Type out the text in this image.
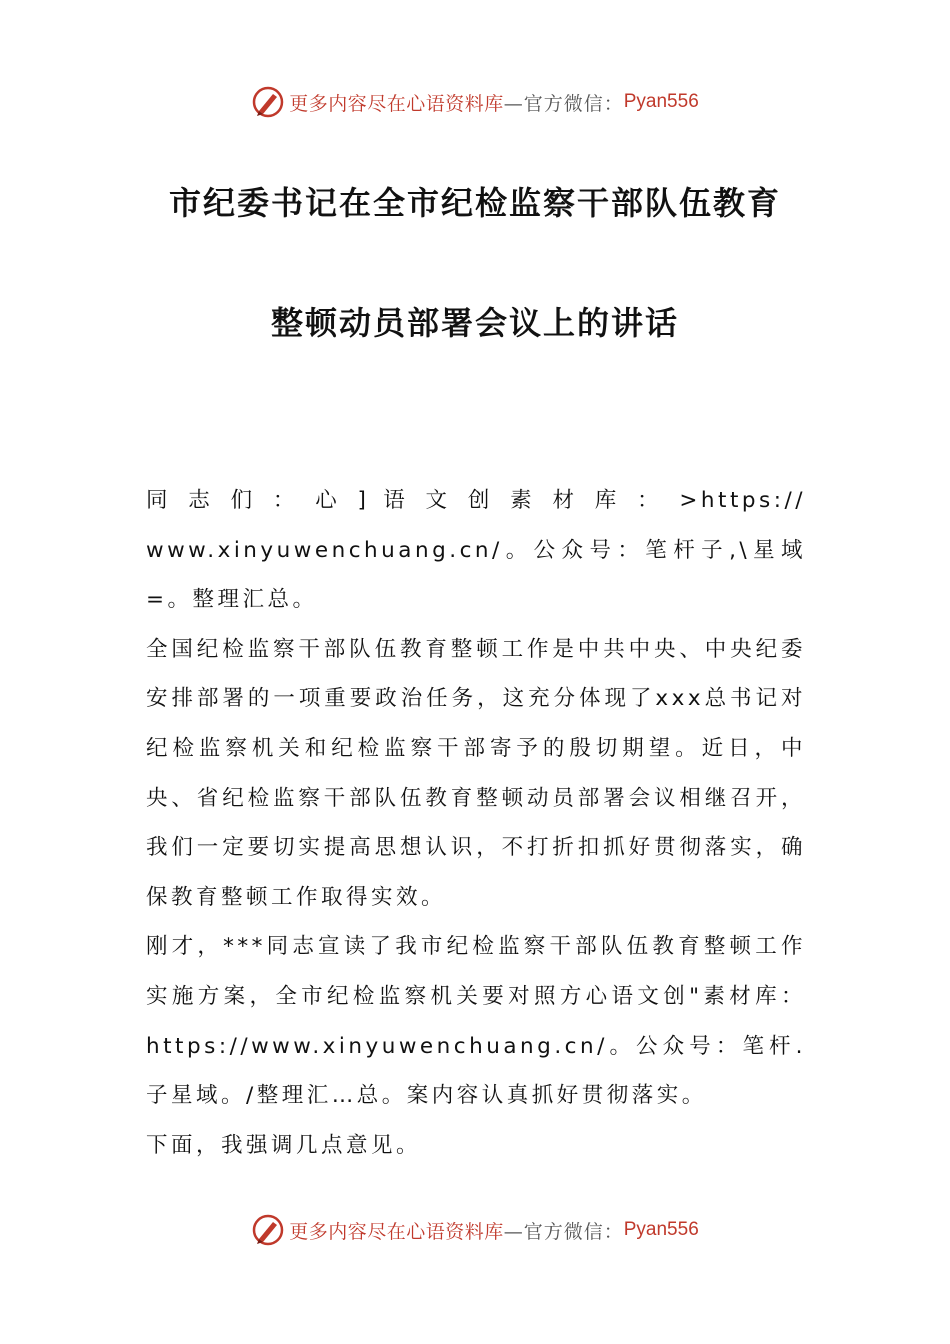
更多内容尽在心语资料库 —官方微信： Pyan556
市纪委书记在全市纪检监察干部队伍教育
整顿动员部署会议上的讲话

同 志 们 ： 心 ] 语 文 创 素 材 库 ： >https://

www.xinyuwenchuang.cn/。公众号：笔杆子,\星域=。整理汇总。

全国纪检监察干部队伍教育整顿工作是中共中央、中央纪委安排部署的一项重要政治任务，这充分体现了xxx总书记对纪检监察机关和纪检监察干部寄予的殷切期望。近日，中央、省纪检监察干部队伍教育整顿动员部署会议相继召开，我们一定要切实提高思想认识，不打折扣抓好贯彻落实，确保教育整顿工作取得实效。

刚才，***同志宣读了我市纪检监察干部队伍教育整顿工作实施方案，全市纪检监察机关要对照方心语文创"素材库：https://www.xinyuwenchuang.cn/。公众号：笔杆.子星域。/整理汇…总。案内容认真抓好贯彻落实。

下面，我强调几点意见。

更多内容尽在心语资料库 —官方微信： Pyan556
